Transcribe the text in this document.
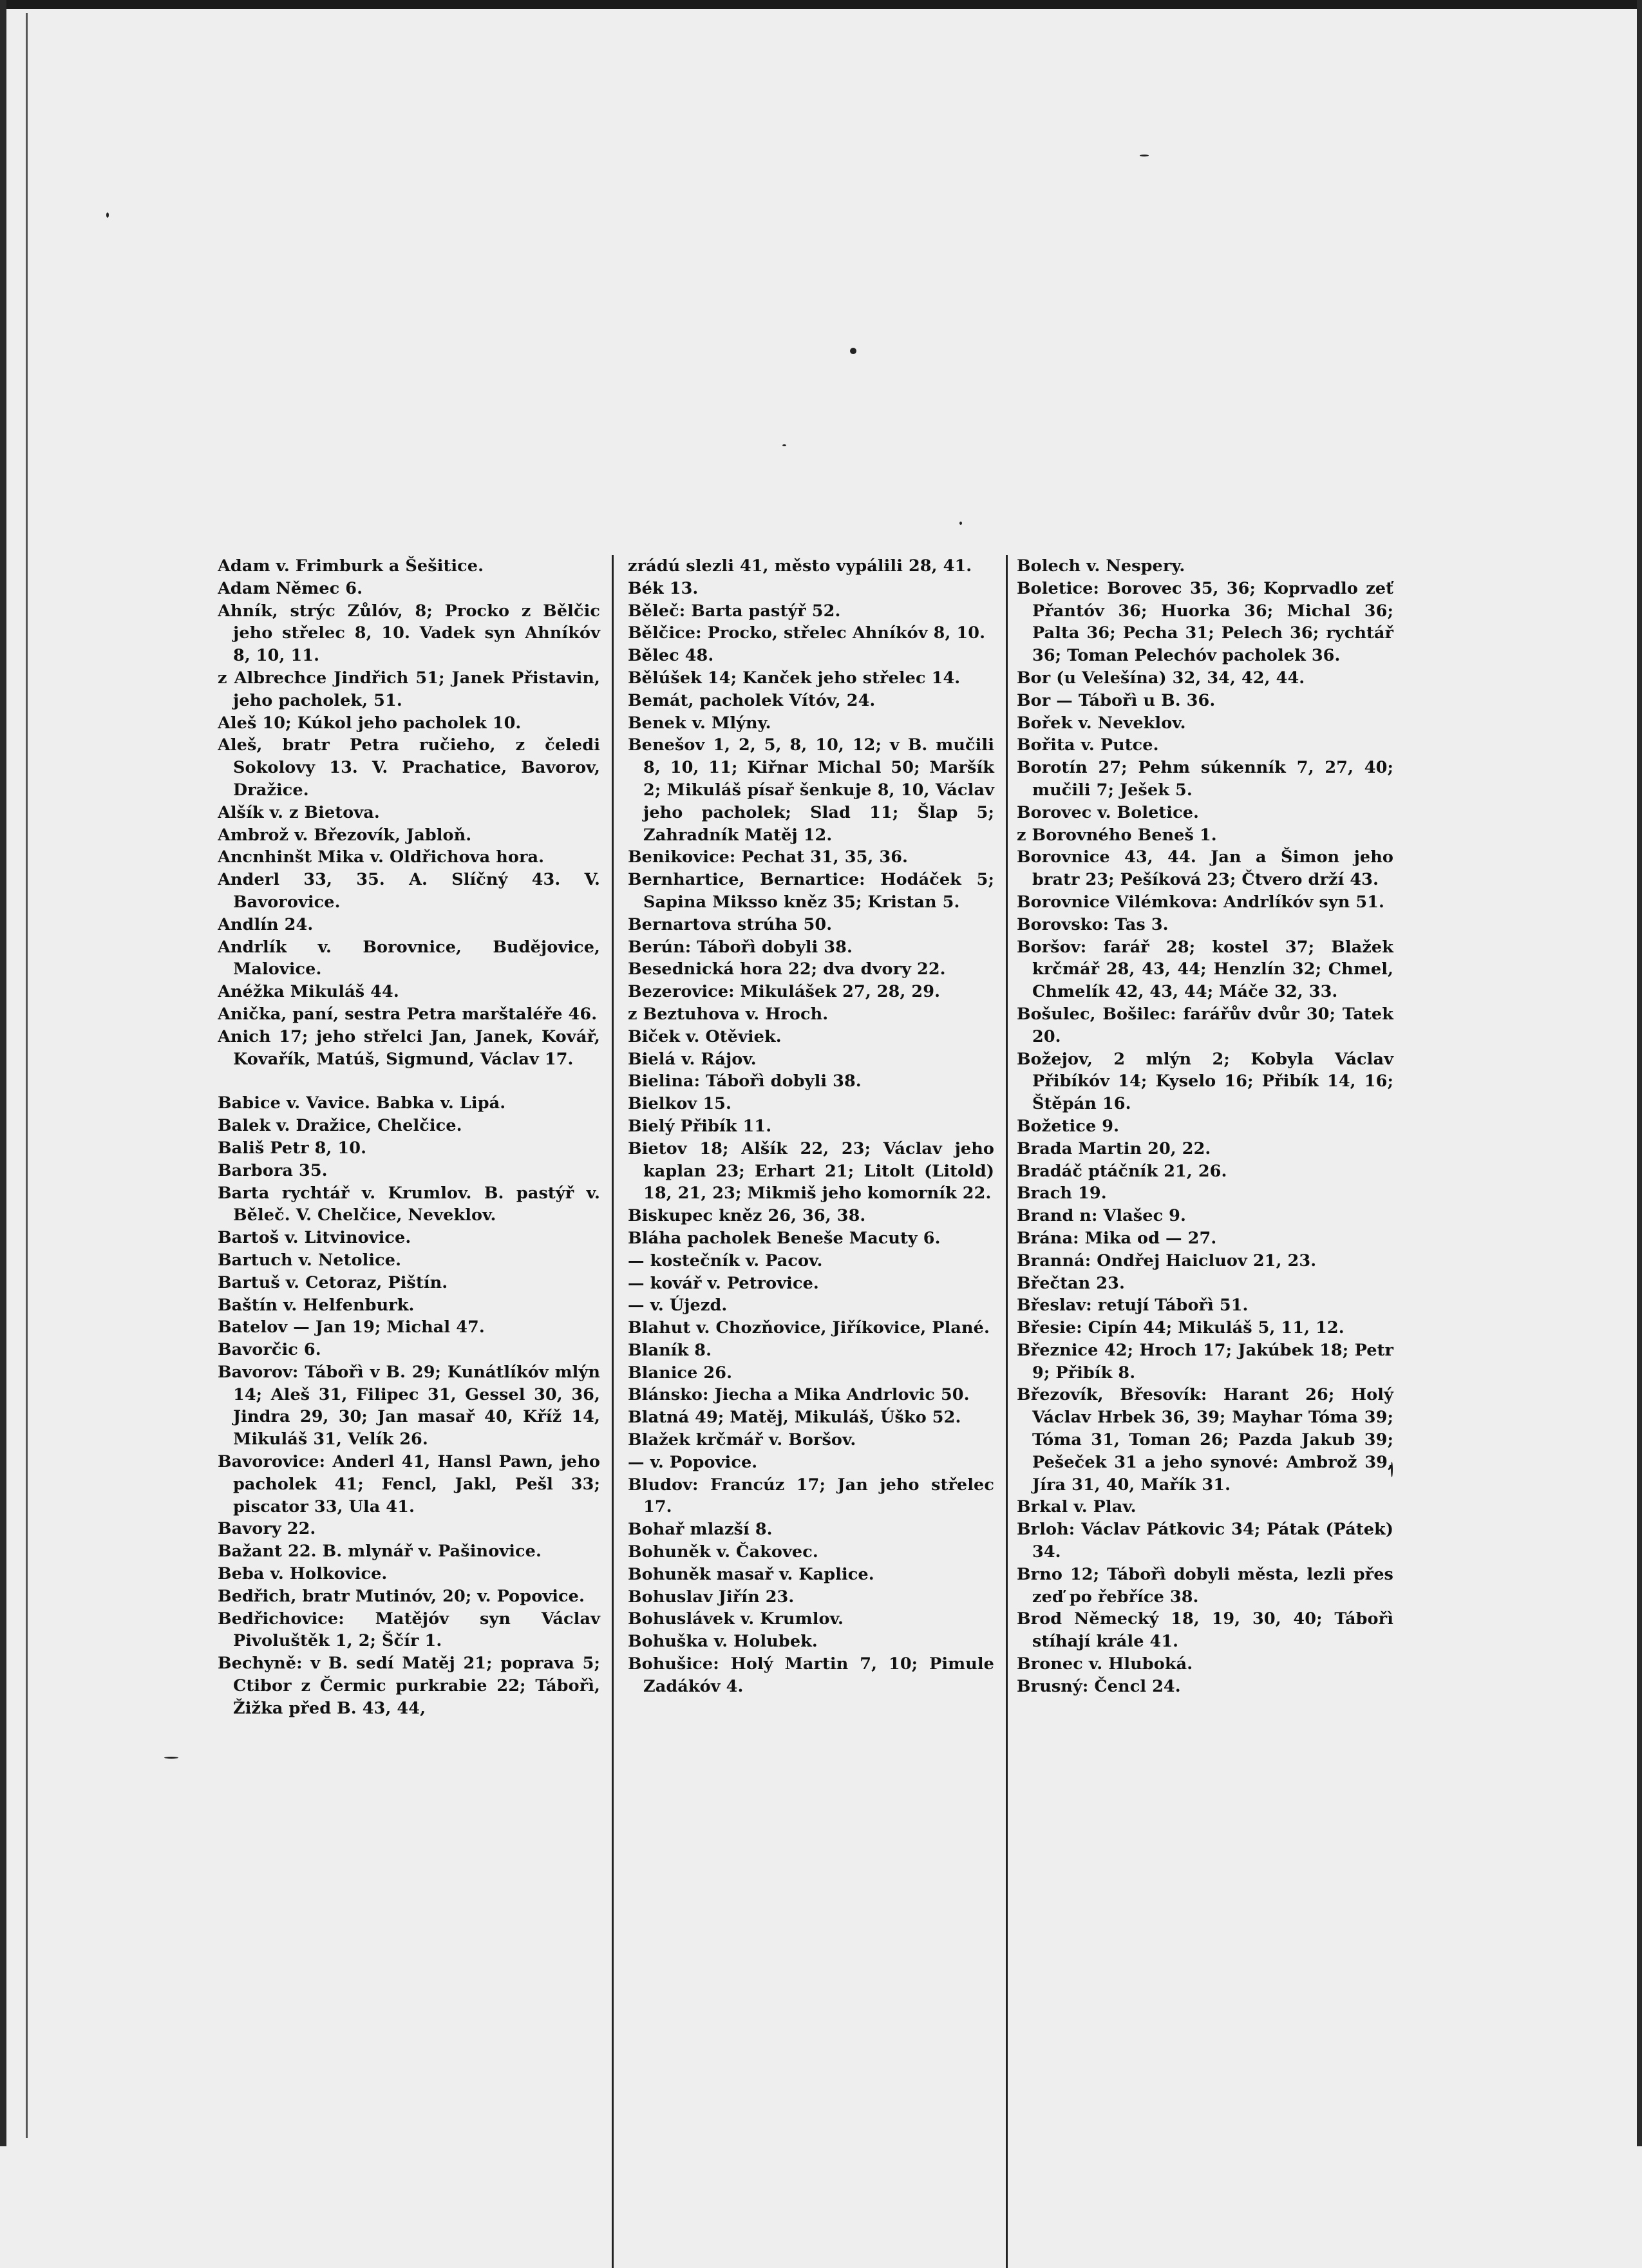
Adam v. Frimburk a Šešitice.
Adam Němec 6.
Ahník, strýc Zůlóv, 8; Procko z Bělčic jeho střelec 8, 10. Vadek syn Ahníkóv 8, 10, 11.
z Albrechce Jindřich 51; Janek Přistavin, jeho pacholek, 51.
Aleš 10; Kúkol jeho pacholek 10.
Aleš, bratr Petra ručieho, z čeledi Sokolovy 13. V. Prachatice, Bavorov, Dražice.
Alšík v. z Bietova.
Ambrož v. Březovík, Jabloň.
Ancnhinšt Mika v. Oldřichova hora.
Anderl 33, 35. A. Slíčný 43. V. Bavorovice.
Andlín 24.
Andrlík v. Borovnice, Budějovice, Malovice.
Anéžka Mikuláš 44.
Anička, paní, sestra Petra marštaléře 46.
Anich 17; jeho střelci Jan, Janek, Kovář, Kovařík, Matúš, Sigmund, Václav 17.
Babice v. Vavice. Babka v. Lipá.
Balek v. Dražice, Chelčice.
Bališ Petr 8, 10.
Barbora 35.
Barta rychtář v. Krumlov. B. pastýř v. Běleč. V. Chelčice, Neveklov.
Bartoš v. Litvinovice.
Bartuch v. Netolice.
Bartuš v. Cetoraz, Pištín.
Baštín v. Helfenburk.
Batelov — Jan 19; Michal 47.
Bavorčic 6.
Bavorov: Tábořì v B. 29; Kunátlíkóv mlýn 14; Aleš 31, Filipec 31, Gessel 30, 36, Jindra 29, 30; Jan masař 40, Kříž 14, Mikuláš 31, Velík 26.
Bavorovice: Anderl 41, Hansl Pawn, jeho pacholek 41; Fencl, Jakl, Pešl 33; piscator 33, Ula 41.
Bavory 22.
Bažant 22. B. mlynář v. Pašinovice.
Beba v. Holkovice.
Bedřich, bratr Mutinóv, 20; v. Popovice.
Bedřichovice: Matějóv syn Václav Pivoluštěk 1, 2; Ščír 1.
Bechyně: v B. sedí Matěj 21; poprava 5; Ctibor z Čermic purkrabie 22; Tábořì, Žižka před B. 43, 44,
zrádú slezli 41, město vypálili 28, 41.
Bék 13.
Běleč: Barta pastýř 52.
Bělčice: Procko, střelec Ahníkóv 8, 10.
Bělec 48.
Bělúšek 14; Kanček jeho střelec 14.
Bemát, pacholek Vítóv, 24.
Benek v. Mlýny.
Benešov 1, 2, 5, 8, 10, 12; v B. mučili 8, 10, 11; Kiřnar Michal 50; Maršík 2; Mikuláš písař šenkuje 8, 10, Václav jeho pacholek; Slad 11; Šlap 5; Zahradník Matěj 12.
Benikovice: Pechat 31, 35, 36.
Bernhartice, Bernartice: Hodáček 5; Sapina Miksso kněz 35; Kristan 5.
Bernartova strúha 50.
Berún: Tábořì dobyli 38.
Besednická hora 22; dva dvory 22.
Bezerovice: Mikulášek 27, 28, 29.
z Beztuhova v. Hroch.
Biček v. Otěviek.
Bielá v. Rájov.
Bielina: Tábořì dobyli 38.
Bielkov 15.
Bielý Přibík 11.
Bietov 18; Alšík 22, 23; Václav jeho kaplan 23; Erhart 21; Litolt (Litold) 18, 21, 23; Mikmiš jeho komorník 22.
Biskupec kněz 26, 36, 38.
Bláha pacholek Beneše Macuty 6.
— kostečník v. Pacov.
— kovář v. Petrovice.
— v. Újezd.
Blahut v. Chozňovice, Jiříkovice, Plané.
Blaník 8.
Blanice 26.
Blánsko: Jiecha a Mika Andrlovic 50.
Blatná 49; Matěj, Mikuláš, Úško 52.
Blažek krčmář v. Boršov.
— v. Popovice.
Bludov: Francúz 17; Jan jeho střelec 17.
Bohař mlazší 8.
Bohuněk v. Čakovec.
Bohuněk masař v. Kaplice.
Bohuslav Jiřín 23.
Bohuslávek v. Krumlov.
Bohuška v. Holubek.
Bohušice: Holý Martin 7, 10; Pimule Zadákóv 4.
Bolech v. Nespery.
Boletice: Borovec 35, 36; Koprvadlo zeť Přantóv 36; Huorka 36; Michal 36; Palta 36; Pecha 31; Pelech 36; rychtář 36; Toman Pelechóv pacholek 36.
Bor (u Velešína) 32, 34, 42, 44.
Bor — Tábořì u B. 36.
Bořek v. Neveklov.
Bořita v. Putce.
Borotín 27; Pehm súkenník 7, 27, 40; mučili 7; Ješek 5.
Borovec v. Boletice.
z Borovného Beneš 1.
Borovnice 43, 44. Jan a Šimon jeho bratr 23; Pešíková 23; Čtvero drží 43.
Borovnice Vilémkova: Andrlíkóv syn 51.
Borovsko: Tas 3.
Boršov: farář 28; kostel 37; Blažek krčmář 28, 43, 44; Henzlín 32; Chmel, Chmelík 42, 43, 44; Máče 32, 33.
Bošulec, Bošilec: farářův dvůr 30; Tatek 20.
Božejov, 2 mlýn 2; Kobyla Václav Přibíkóv 14; Kyselo 16; Přibík 14, 16; Štěpán 16.
Božetice 9.
Brada Martin 20, 22.
Bradáč ptáčník 21, 26.
Brach 19.
Brand n: Vlašec 9.
Brána: Mika od — 27.
Branná: Ondřej Haicluov 21, 23.
Břečtan 23.
Břeslav: retují Tábořì 51.
Břesie: Cipín 44; Mikuláš 5, 11, 12.
Březnice 42; Hroch 17; Jakúbek 18; Petr 9; Přibík 8.
Březovík, Břesovík: Harant 26; Holý Václav Hrbek 36, 39; Mayhar Tóma 39; Tóma 31, Toman 26; Pazda Jakub 39; Pešeček 31 a jeho synové: Ambrož 39, Jíra 31, 40, Mařík 31.
Brkal v. Plav.
Brloh: Václav Pátkovic 34; Pátak (Pátek) 34.
Brno 12; Tábořì dobyli města, lezli přes zeď po řebříce 38.
Brod Německý 18, 19, 30, 40; Tábořì stíhají krále 41.
Bronec v. Hluboká.
Brusný: Čencl 24.
